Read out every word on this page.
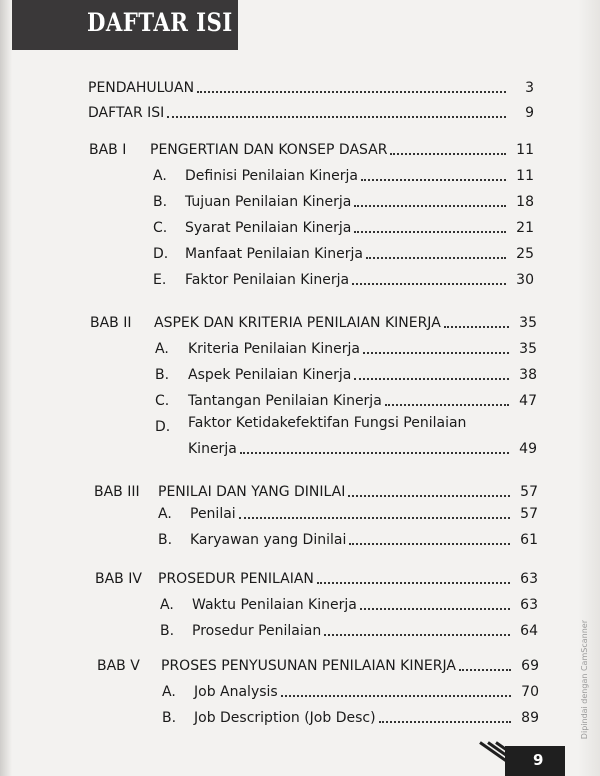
DAFTAR ISI
PENDAHULUAN	3
DAFTAR ISI	9
BAB I PENGERTIAN DAN KONSEP DASAR	11
A. Definisi Penilaian Kinerja	11
B. Tujuan Penilaian Kinerja	18
C. Syarat Penilaian Kinerja	21
D. Manfaat Penilaian Kinerja	25
E. Faktor Penilaian Kinerja	30
BAB II ASPEK DAN KRITERIA PENILAIAN KINERJA	35
A. Kriteria Penilaian Kinerja	35
B. Aspek Penilaian Kinerja	38
C. Tantangan Penilaian Kinerja	47
D. Faktor Ketidakefektifan Fungsi Penilaian
Kinerja	49
BAB III PENILAI DAN YANG DINILAI	57
A. Penilai	57
B. Karyawan yang Dinilai	61
BAB IV PROSEDUR PENILAIAN	63
A. Waktu Penilaian Kinerja	63
B. Prosedur Penilaian	64
BAB V PROSES PENYUSUNAN PENILAIAN KINERJA	69
A. Job Analysis	70
B. Job Description (Job Desc)	89
9
Dipindai dengan CamScanner
